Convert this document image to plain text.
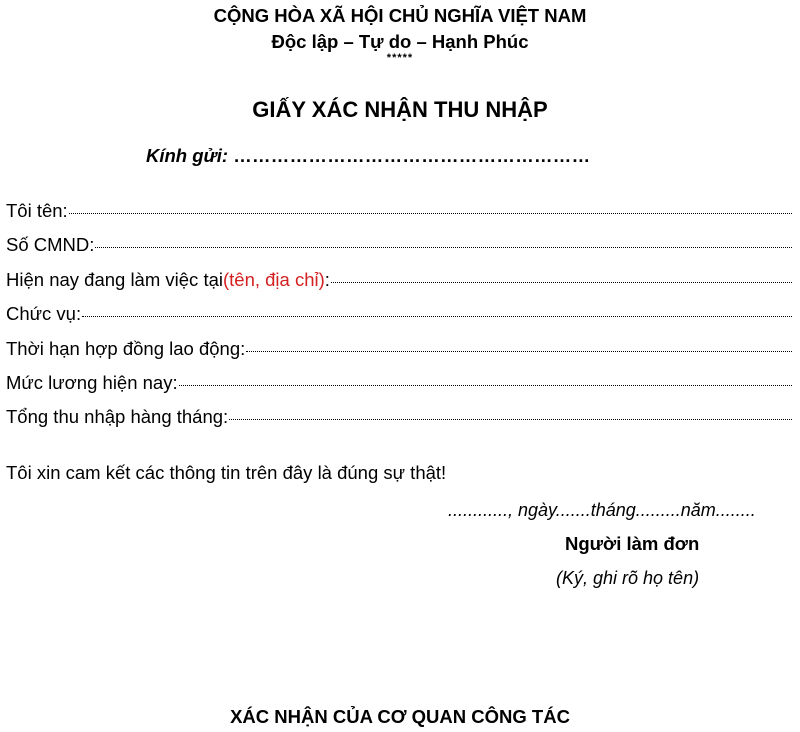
CỘNG HÒA XÃ HỘI CHỦ NGHĨA VIỆT NAM
Độc lập – Tự do – Hạnh Phúc
*****
GIẤY XÁC NHẬN THU NHẬP
Kính gửi: …………………………………………………
Tôi tên:
Số CMND:
Hiện nay đang làm việc tại (tên, địa chỉ) :
Chức vụ:
Thời hạn hợp đồng lao động:
Mức lương hiện nay:
Tổng thu nhập hàng tháng:
Tôi xin cam kết các thông tin trên đây là đúng sự thật!
............, ngày.......tháng.........năm........
Người làm đơn
(Ký, ghi rõ họ tên)
XÁC NHẬN CỦA CƠ QUAN CÔNG TÁC
